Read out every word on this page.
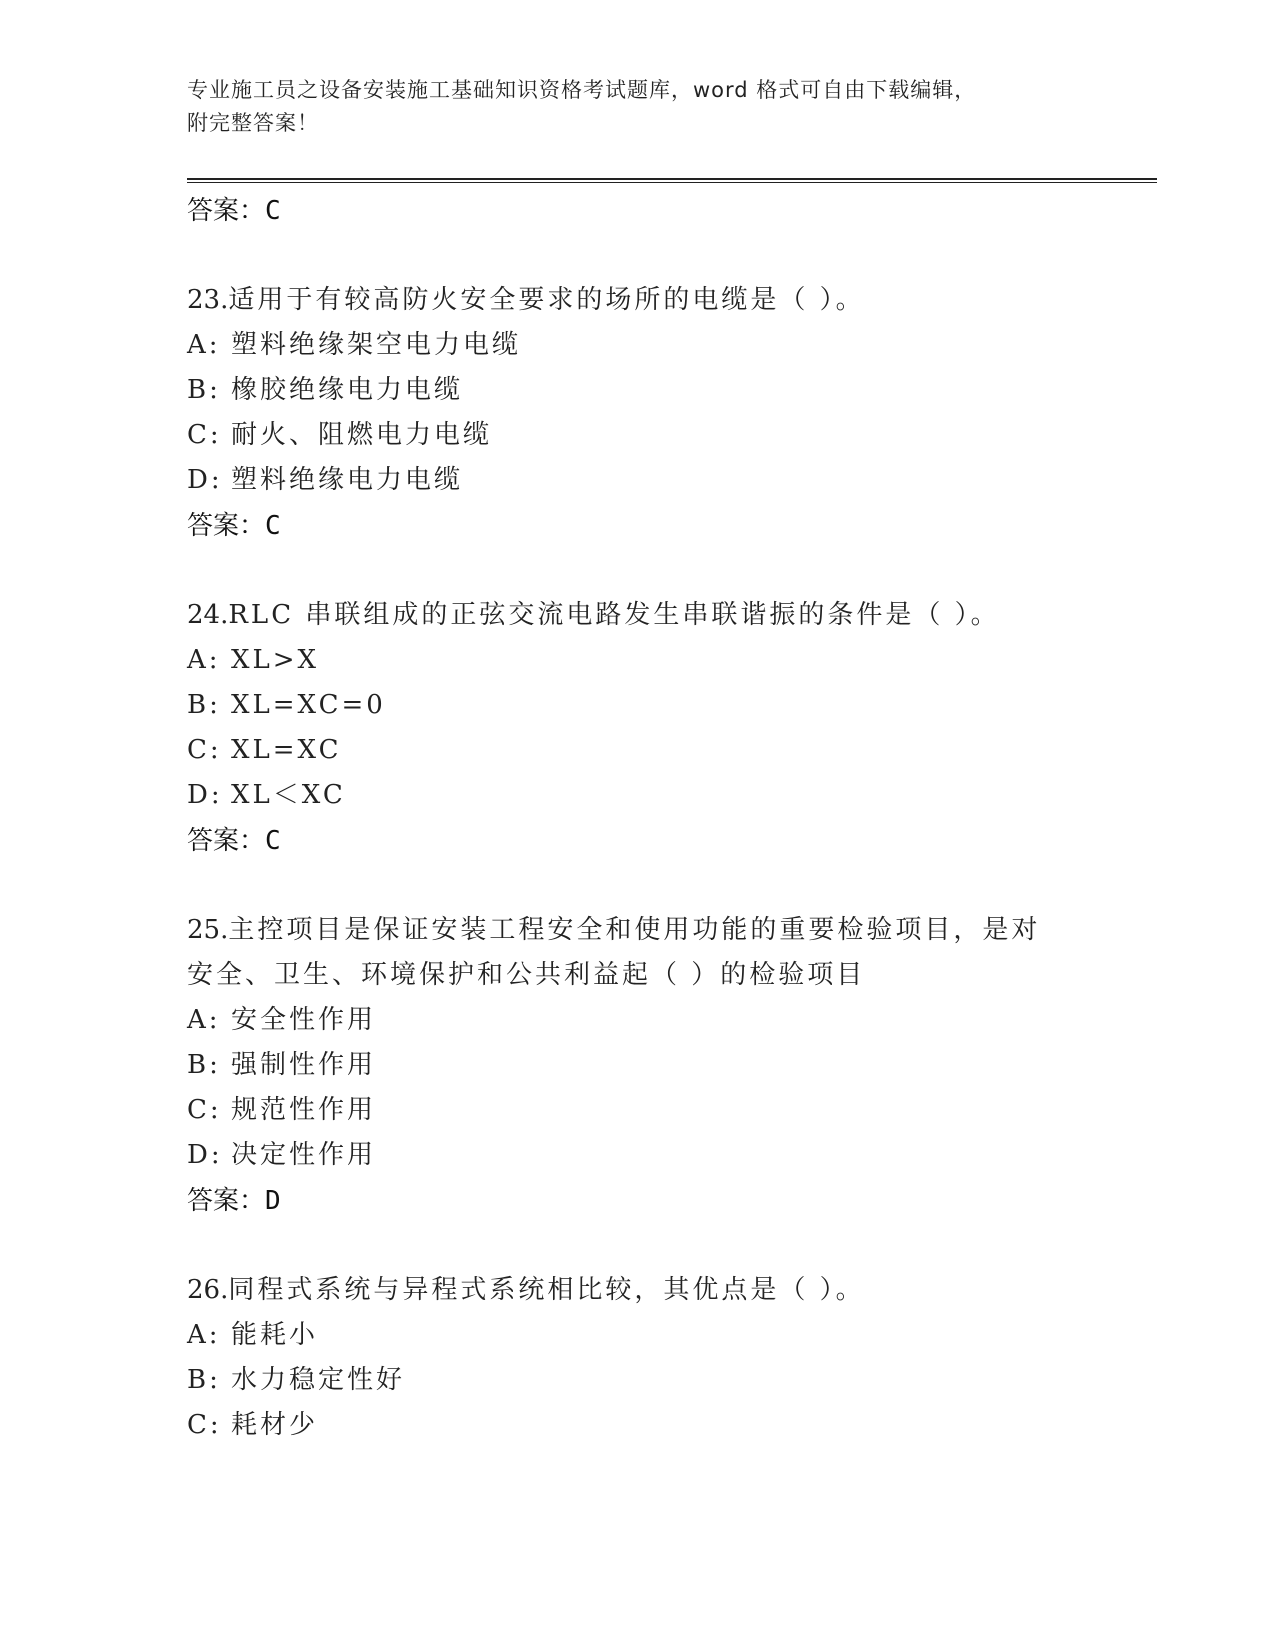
专业施工员之设备安装施工基础知识资格考试题库，word 格式可自由下载编辑，
附完整答案！
答案：C
23.适用于有较高防火安全要求的场所的电缆是（ ）。
A: 塑料绝缘架空电力电缆
B: 橡胶绝缘电力电缆
C: 耐火、阻燃电力电缆
D: 塑料绝缘电力电缆
答案：C
24.RLC 串联组成的正弦交流电路发生串联谐振的条件是（ ）。
A: XL>X
B: XL=XC=0
C: XL=XC
D: XL＜XC
答案：C
25.主控项目是保证安装工程安全和使用功能的重要检验项目，是对安全、卫生、环境保护和公共利益起（ ）的检验项目
A: 安全性作用
B: 强制性作用
C: 规范性作用
D: 决定性作用
答案：D
26.同程式系统与异程式系统相比较，其优点是（ ）。
A: 能耗小
B: 水力稳定性好
C: 耗材少
